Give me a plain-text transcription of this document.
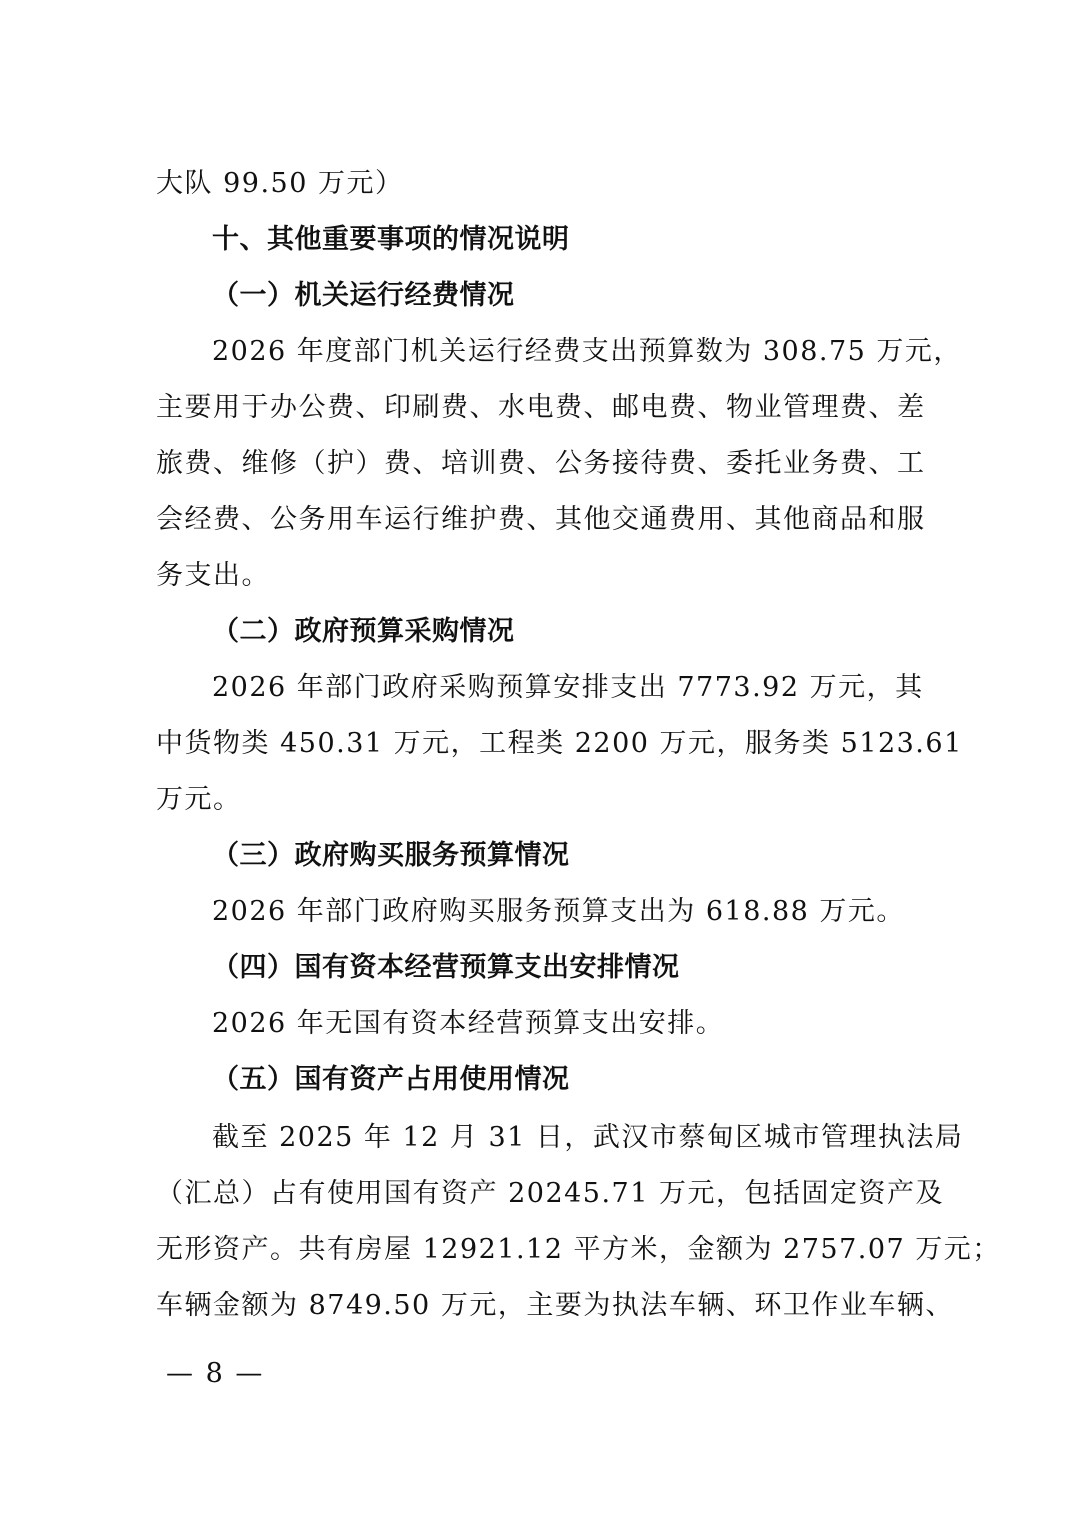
大队 99.50 万元）
十、其他重要事项的情况说明
（一）机关运行经费情况
2026 年度部门机关运行经费支出预算数为 308.75 万元，
主要用于办公费、印刷费、水电费、邮电费、物业管理费、差
旅费、维修（护）费、培训费、公务接待费、委托业务费、工
会经费、公务用车运行维护费、其他交通费用、其他商品和服
务支出。
（二）政府预算采购情况
2026 年部门政府采购预算安排支出 7773.92 万元，其
中货物类 450.31 万元，工程类 2200 万元，服务类 5123.61
万元。
（三）政府购买服务预算情况
2026 年部门政府购买服务预算支出为 618.88 万元。
（四）国有资本经营预算支出安排情况
2026 年无国有资本经营预算支出安排。
（五）国有资产占用使用情况
截至 2025 年 12 月 31 日，武汉市蔡甸区城市管理执法局
（汇总）占有使用国有资产 20245.71 万元，包括固定资产及
无形资产。共有房屋 12921.12 平方米，金额为 2757.07 万元；
车辆金额为 8749.50 万元，主要为执法车辆、环卫作业车辆、
— 8 —
